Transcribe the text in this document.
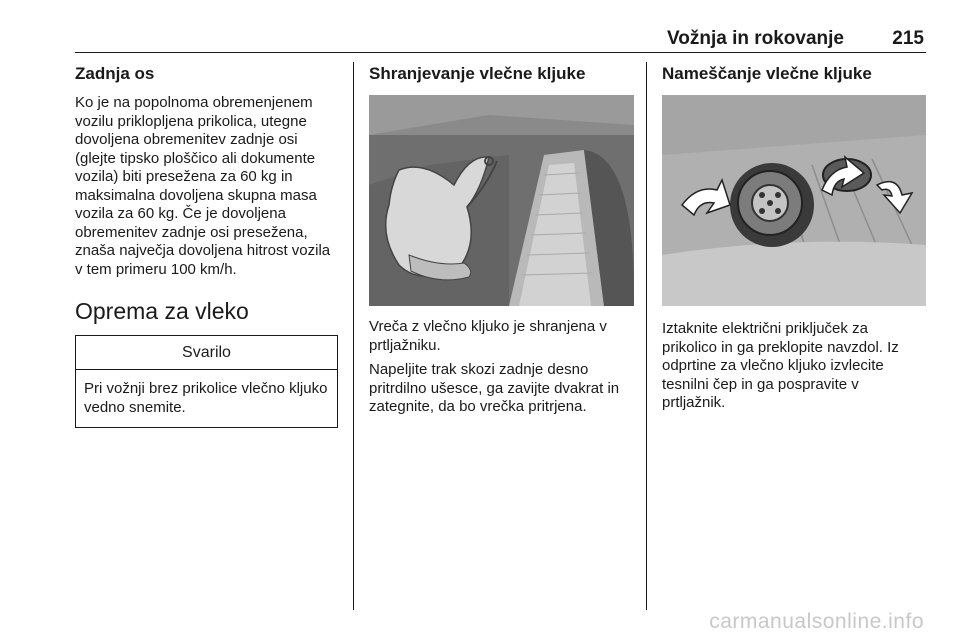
Vožnja in rokovanje	215
Zadnja os

Ko je na popolnoma obremenjenem vozilu priklopljena prikolica, utegne dovoljena obremenitev zadnje osi (glejte tipsko ploščico ali dokumente vozila) biti presežena za 60 kg in maksimalna dovoljena skupna masa vozila za 60 kg. Če je dovoljena obremenitev zadnje osi presežena, znaša največja dovoljena hitrost vozila v tem primeru 100 km/h.

Oprema za vleko
Svarilo
Pri vožnji brez prikolice vlečno kljuko vedno snemite.
Shranjevanje vlečne kljuke

Vreča z vlečno kljuko je shranjena v prtljažniku.

Napeljite trak skozi zadnje desno pritrdilno ušesce, ga zavijte dvakrat in zategnite, da bo vrečka pritrjena.

Nameščanje vlečne kljuke

Iztaknite električni priključek za prikolico in ga preklopite navzdol. Iz odprtine za vlečno kljuko izvlecite tesnilni čep in ga pospravite v prtljažnik.

carmanualsonline.info
